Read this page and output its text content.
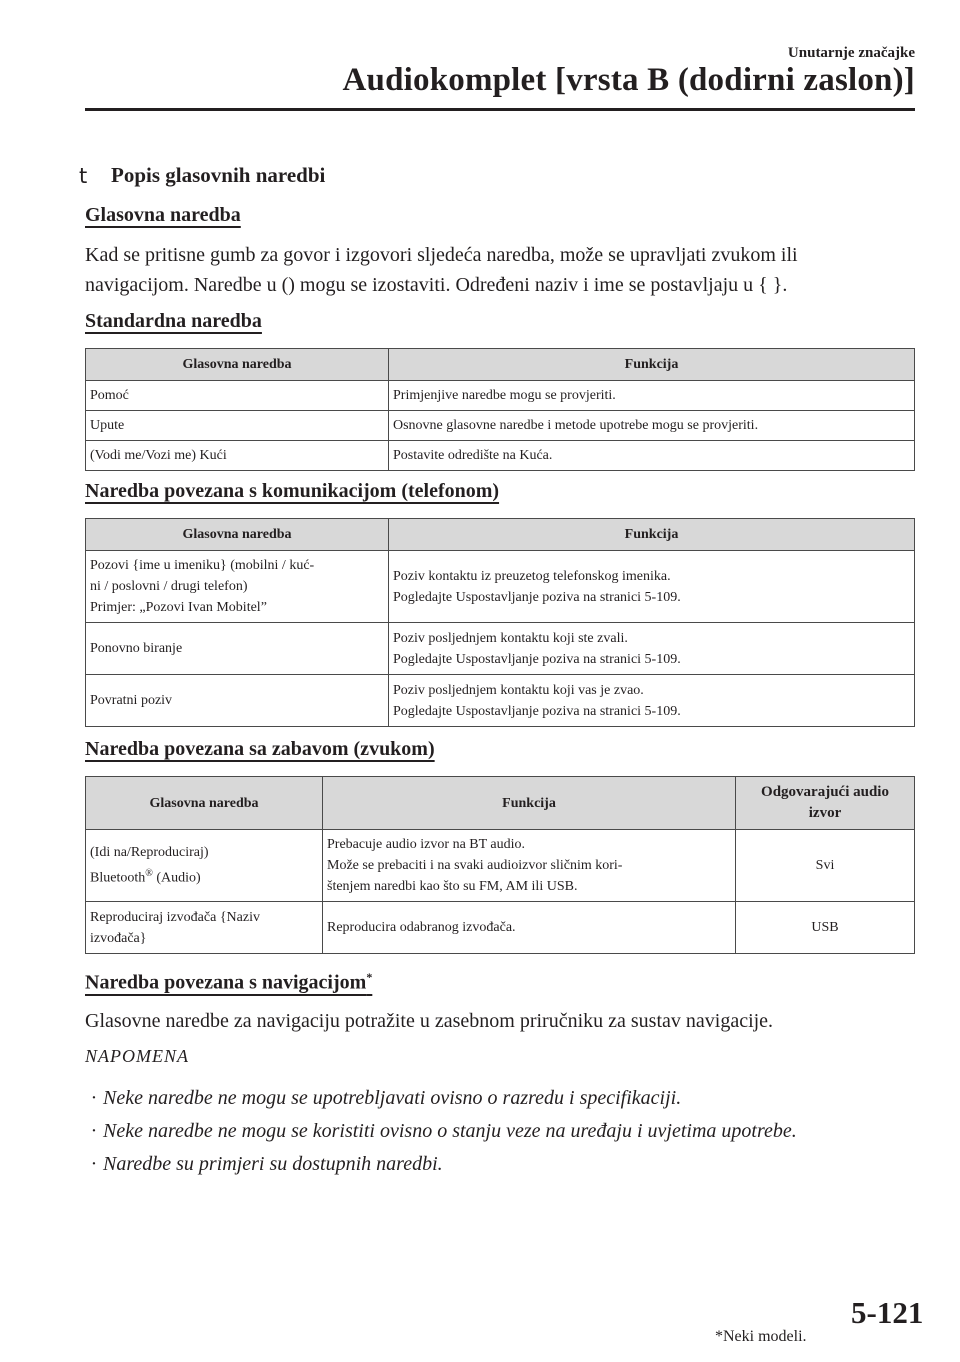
Unutarnje značajke
Audiokomplet [vrsta B (dodirni zaslon)]
t Popis glasovnih naredbi
Glasovna naredba
Kad se pritisne gumb za govor i izgovori sljedeća naredba, može se upravljati zvukom ili
navigacijom. Naredbe u () mogu se izostaviti. Određeni naziv i ime se postavljaju u { }.
Standardna naredba
Glasovna naredba	Funkcija
Pomoć	Primjenjive naredbe mogu se provjeriti.
Upute	Osnovne glasovne naredbe i metode upotrebe mogu se provjeriti.
(Vodi me/Vozi me) Kući	Postavite odredište na Kuća.
Naredba povezana s komunikacijom (telefonom)
Glasovna naredba	Funkcija

Pozovi {ime u imeniku} (mobilni / kuć-
ni / poslovni / drugi telefon)
Primjer: „Pozovi Ivan Mobitel”	Poziv kontaktu iz preuzetog telefonskog imenika.
Pogledajte Uspostavljanje poziva na stranici 5-109.

Ponovno biranje	Poziv posljednjem kontaktu koji ste zvali.
Pogledajte Uspostavljanje poziva na stranici 5-109.

Povratni poziv	Poziv posljednjem kontaktu koji vas je zvao.
Pogledajte Uspostavljanje poziva na stranici 5-109.
Naredba povezana sa zabavom (zvukom)
Glasovna naredba	Funkcija	Odgovarajući audio
izvor

(Idi na/Reproduciraj)
Bluetooth® (Audio)	Prebacuje audio izvor na BT audio.
Može se prebaciti i na svaki audioizvor sličnim kori-
štenjem naredbi kao što su FM, AM ili USB.	Svi

Reproduciraj izvođača {Naziv
izvođača}	Reproducira odabranog izvođača.	USB
Naredba povezana s navigacijom*
Glasovne naredbe za navigaciju potražite u zasebnom priručniku za sustav navigacije.
NAPOMENA
· Neke naredbe ne mogu se upotrebljavati ovisno o razredu i specifikaciji.
· Neke naredbe ne mogu se koristiti ovisno o stanju veze na uređaju i uvjetima upotrebe.
· Naredbe su primjeri su dostupnih naredbi.
*Neki modeli.
5-121
